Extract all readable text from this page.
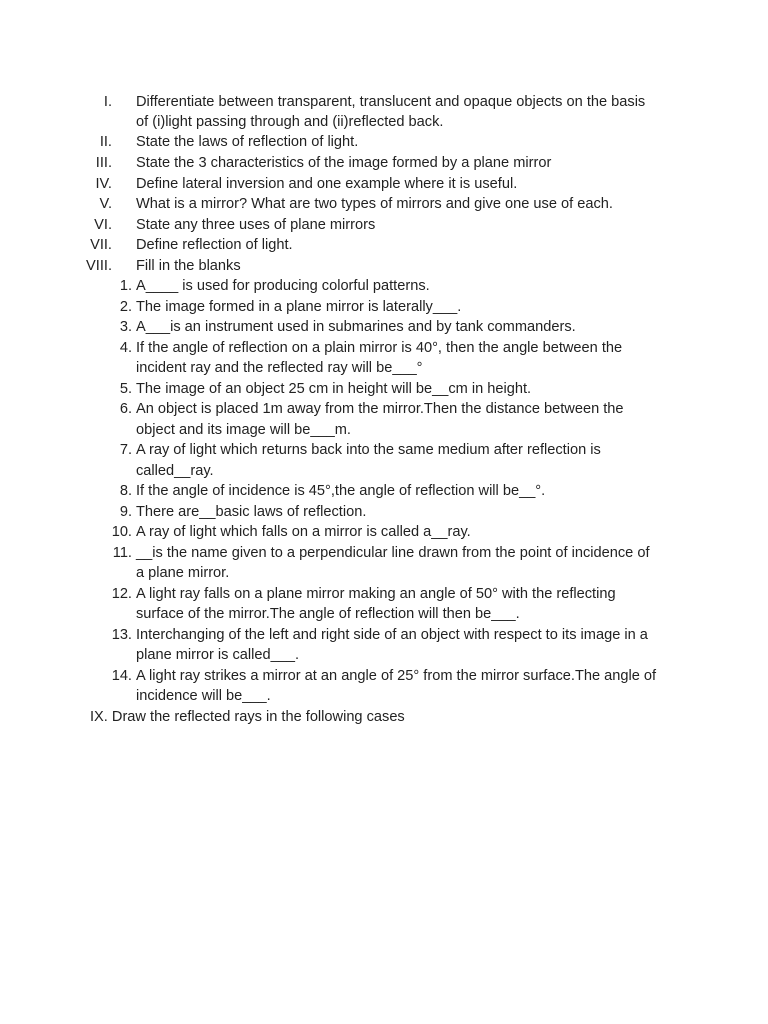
I. Differentiate between transparent, translucent and opaque objects on the basis
of (i)light passing through and (ii)reflected back.
II. State the laws of reflection of light.
III. State the 3 characteristics of the image formed by a plane mirror
IV. Define lateral inversion and one example where it is useful.
V. What is a mirror? What are two types of mirrors and give one use of each.
VI. State any three uses of plane mirrors
VII. Define reflection of light.
VIII. Fill in the blanks
1. A____ is used for producing colorful patterns.
2. The image formed in a plane mirror is laterally___.
3. A___is an instrument used in submarines and by tank commanders.
4. If the angle of reflection on a plain mirror is 40°, then the angle between the
incident ray and the reflected ray will be___°
5. The image of an object 25 cm in height will be__cm in height.
6. An object is placed 1m away from the mirror.Then the distance between the
object and its image will be___m.
7. A ray of light which returns back into the same medium after reflection is
called__ray.
8. If the angle of incidence is 45°,the angle of reflection will be__°.
9. There are__basic laws of reflection.
10. A ray of light which falls on a mirror is called a__ray.
11. __is the name given to a perpendicular line drawn from the point of incidence of
a plane mirror.
12. A light ray falls on a plane mirror making an angle of 50° with the reflecting
surface of the mirror.The angle of reflection will then be___.
13. Interchanging of the left and right side of an object with respect to its image in a
plane mirror is called___.
14. A light ray strikes a mirror at an angle of 25° from the mirror surface.The angle of
incidence will be___.
IX. Draw the reflected rays in the following cases
